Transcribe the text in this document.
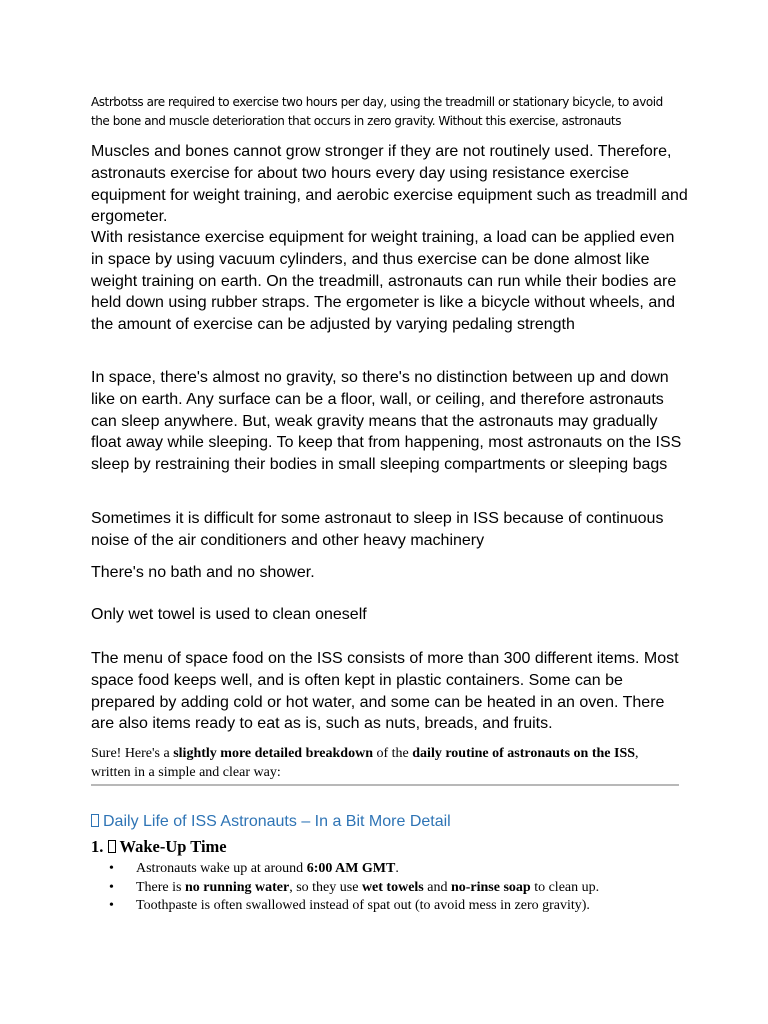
Astrbotss are required to exercise two hours per day, using the treadmill or stationary bicycle, to avoid the bone and muscle deterioration that occurs in zero gravity. Without this exercise, astronauts

Muscles and bones cannot grow stronger if they are not routinely used. Therefore, astronauts exercise for about two hours every day using resistance exercise equipment for weight training, and aerobic exercise equipment such as treadmill and ergometer.

With resistance exercise equipment for weight training, a load can be applied even in space by using vacuum cylinders, and thus exercise can be done almost like weight training on earth. On the treadmill, astronauts can run while their bodies are held down using rubber straps. The ergometer is like a bicycle without wheels, and the amount of exercise can be adjusted by varying pedaling strength

In space, there's almost no gravity, so there's no distinction between up and down like on earth. Any surface can be a floor, wall, or ceiling, and therefore astronauts can sleep anywhere. But, weak gravity means that the astronauts may gradually float away while sleeping. To keep that from happening, most astronauts on the ISS sleep by restraining their bodies in small sleeping compartments or sleeping bags

Sometimes it is difficult for some astronaut to sleep in ISS because of continuous noise of the air conditioners and other heavy machinery

There's no bath and no shower.

Only wet towel is used to clean oneself

The menu of space food on the ISS consists of more than 300 different items. Most space food keeps well, and is often kept in plastic containers. Some can be prepared by adding cold or hot water, and some can be heated in an oven. There are also items ready to eat as is, such as nuts, breads, and fruits.

Sure! Here's a slightly more detailed breakdown of the daily routine of astronauts on the ISS, written in a simple and clear way:
Daily Life of ISS Astronauts – In a Bit More Detail
1. Wake-Up Time
• Astronauts wake up at around 6:00 AM GMT.
• There is no running water, so they use wet towels and no-rinse soap to clean up.
• Toothpaste is often swallowed instead of spat out (to avoid mess in zero gravity).
